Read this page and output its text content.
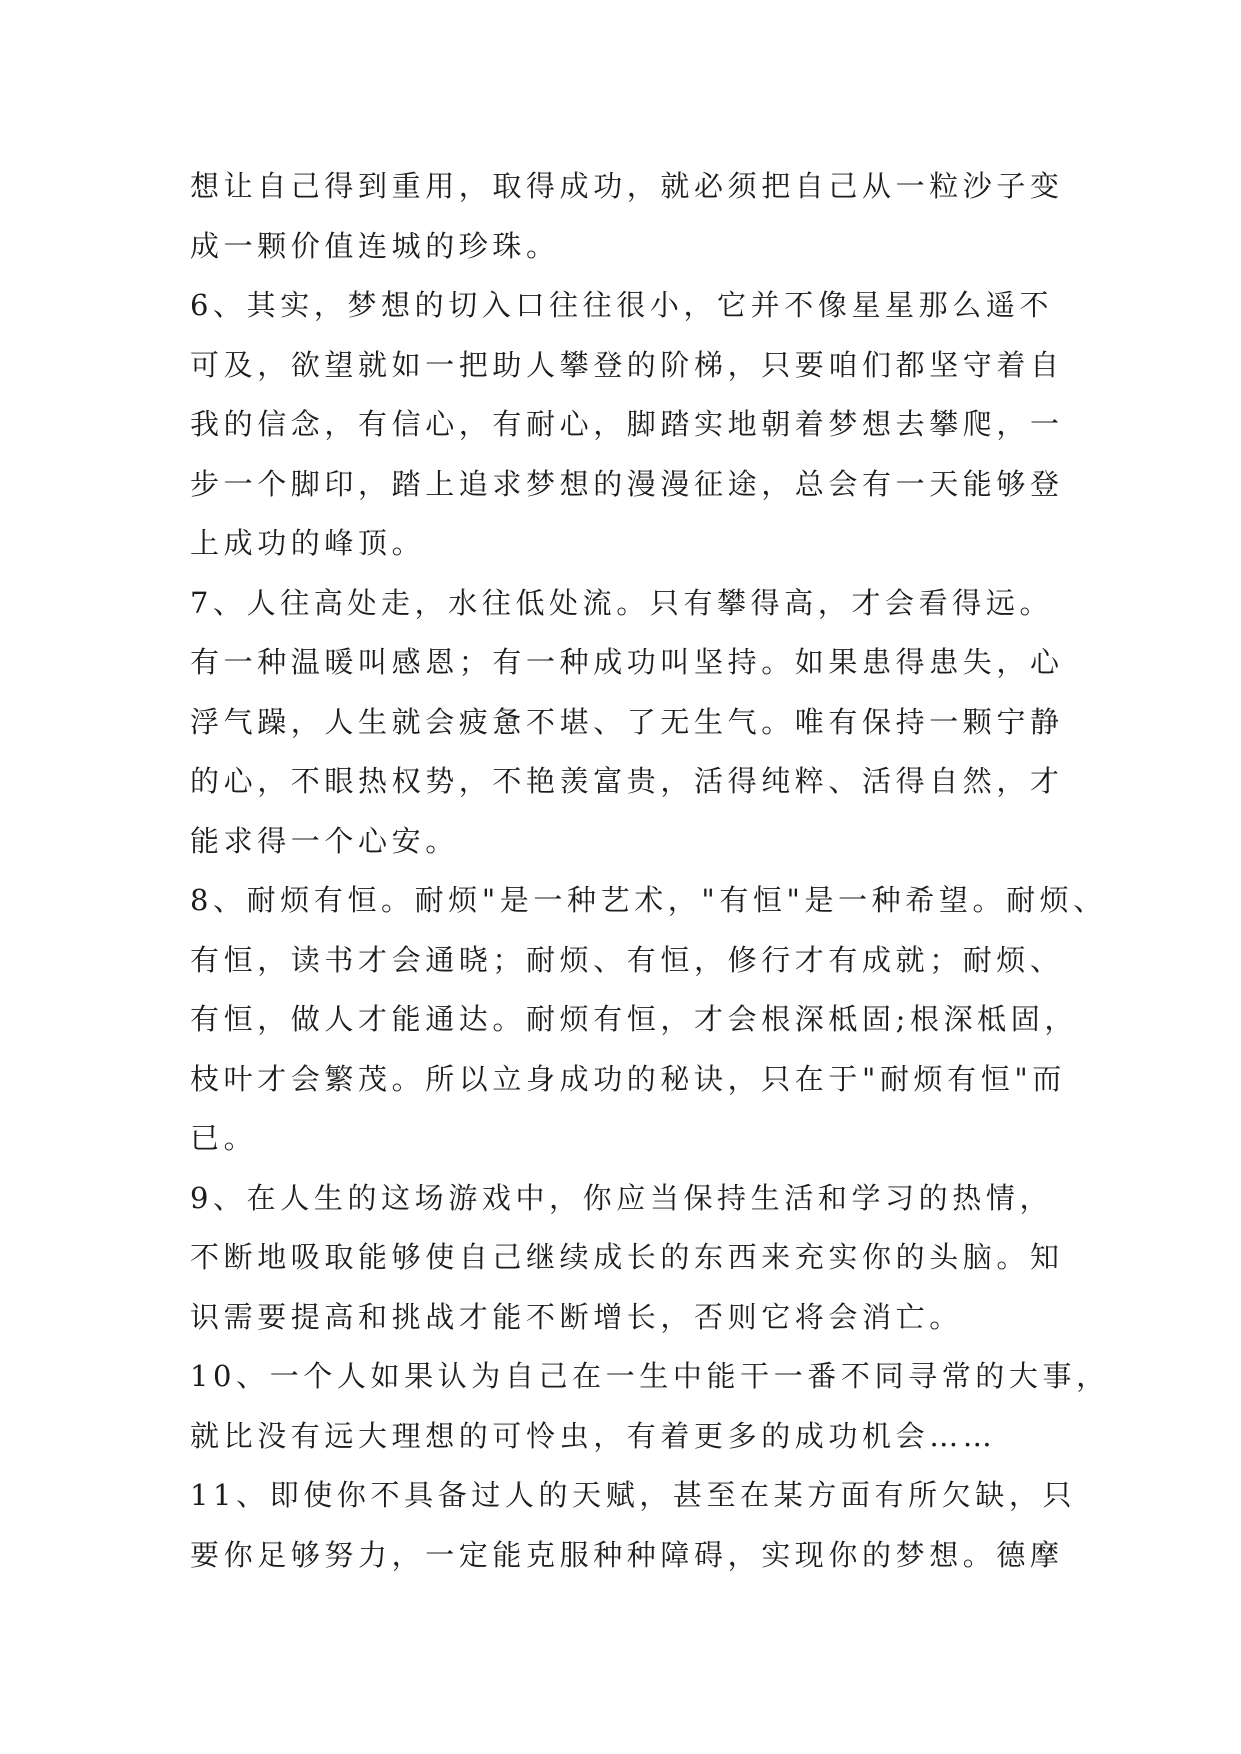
想让自己得到重用，取得成功，就必须把自己从一粒沙子变
成一颗价值连城的珍珠。

6、其实，梦想的切入口往往很小，它并不像星星那么遥不
可及，欲望就如一把助人攀登的阶梯，只要咱们都坚守着自
我的信念，有信心，有耐心，脚踏实地朝着梦想去攀爬，一
步一个脚印，踏上追求梦想的漫漫征途，总会有一天能够登
上成功的峰顶。

7、人往高处走，水往低处流。只有攀得高，才会看得远。
有一种温暖叫感恩；有一种成功叫坚持。如果患得患失，心
浮气躁，人生就会疲惫不堪、了无生气。唯有保持一颗宁静
的心，不眼热权势，不艳羡富贵，活得纯粹、活得自然，才
能求得一个心安。

8、耐烦有恒。耐烦"是一种艺术，"有恒"是一种希望。耐烦、
有恒，读书才会通晓；耐烦、有恒，修行才有成就；耐烦、
有恒，做人才能通达。耐烦有恒，才会根深柢固;根深柢固，
枝叶才会繁茂。所以立身成功的秘诀，只在于"耐烦有恒"而
已。

9、在人生的这场游戏中，你应当保持生活和学习的热情，
不断地吸取能够使自己继续成长的东西来充实你的头脑。知
识需要提高和挑战才能不断增长，否则它将会消亡。

10、一个人如果认为自己在一生中能干一番不同寻常的大事，
就比没有远大理想的可怜虫，有着更多的成功机会……

11、即使你不具备过人的天赋，甚至在某方面有所欠缺，只
要你足够努力，一定能克服种种障碍，实现你的梦想。德摩
